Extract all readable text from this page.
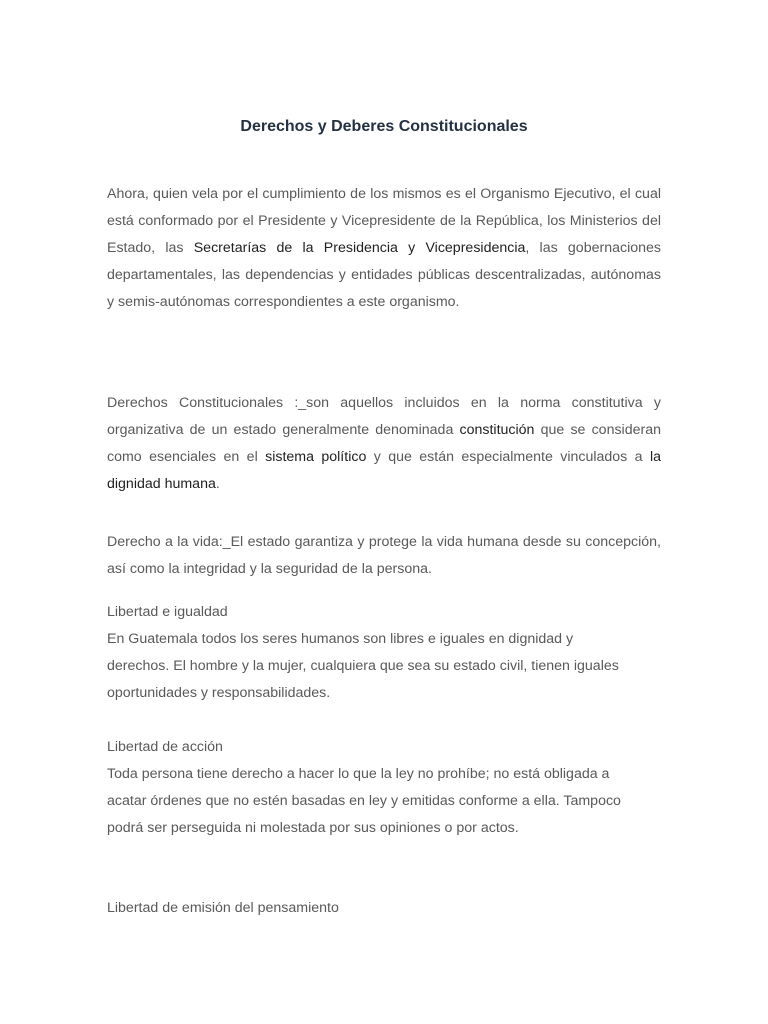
Derechos y Deberes Constitucionales

Ahora, quien vela por el cumplimiento de los mismos es el Organismo Ejecutivo, el cual está conformado por el Presidente y Vicepresidente de la República, los Ministerios del Estado, las Secretarías de la Presidencia y Vicepresidencia, las gobernaciones departamentales, las dependencias y entidades públicas descentralizadas, autónomas y semis-autónomas correspondientes a este organismo.

Derechos Constitucionales :_son aquellos incluidos en la norma constitutiva y organizativa de un estado generalmente denominada constitución que se consideran como esenciales en el sistema político y que están especialmente vinculados a la dignidad humana.

Derecho a la vida:_El estado garantiza y protege la vida humana desde su concepción, así como la integridad y la seguridad de la persona.

Libertad e igualdad

En Guatemala todos los seres humanos son libres e iguales en dignidad y

derechos. El hombre y la mujer, cualquiera que sea su estado civil, tienen iguales

oportunidades y responsabilidades.

Libertad de acción

Toda persona tiene derecho a hacer lo que la ley no prohíbe; no está obligada a

acatar órdenes que no estén basadas en ley y emitidas conforme a ella. Tampoco

podrá ser perseguida ni molestada por sus opiniones o por actos.

Libertad de emisión del pensamiento
